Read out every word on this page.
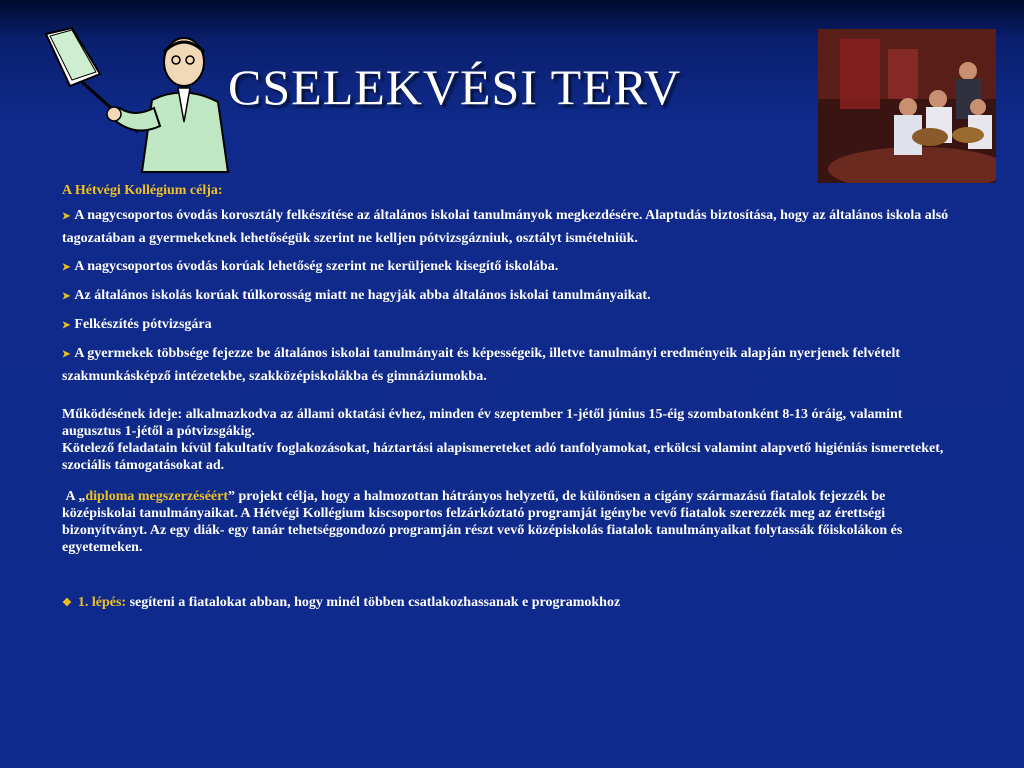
CSELEKVÉSI TERV

A Hétvégi Kollégium célja:

➤ A nagycsoportos óvodás korosztály felkészítése az általános iskolai tanulmányok megkezdésére. Alaptudás biztosítása, hogy az általános iskola alsó tagozatában a gyermekeknek lehetőségük szerint ne kelljen pótvizsgázniuk, osztályt ismételniük.

➤ A nagycsoportos óvodás korúak lehetőség szerint ne kerüljenek kisegítő iskolába.

➤ Az általános iskolás korúak túlkorosság miatt ne hagyják abba általános iskolai tanulmányaikat.

➤ Felkészítés pótvizsgára

➤ A gyermekek többsége fejezze be általános iskolai tanulmányait és képességeik, illetve tanulmányi eredményeik alapján nyerjenek felvételt szakmunkásképző intézetekbe, szakközépiskolákba és gimnáziumokba.

Működésének ideje: alkalmazkodva az állami oktatási évhez, minden év szeptember 1-jétől június 15-éig szombatonként 8-13 óráig, valamint augusztus 1-jétől a pótvizsgákig.

Kötelező feladatain kívül fakultatív foglakozásokat, háztartási alapismereteket adó tanfolyamokat, erkölcsi valamint alapvető higiéniás ismereteket, szociális támogatásokat ad.

A „diploma megszerzéséért” projekt célja, hogy a halmozottan hátrányos helyzetű, de különösen a cigány származású fiatalok fejezzék be középiskolai tanulmányaikat. A Hétvégi Kollégium kiscsoportos felzárkóztató programját igénybe vevő fiatalok szerezzék meg az érettségi bizonyítványt. Az egy diák- egy tanár tehetséggondozó programján részt vevő középiskolás fiatalok tanulmányaikat folytassák főiskolákon és egyetemeken.

❖ 1. lépés: segíteni a fiatalokat abban, hogy minél többen csatlakozhassanak e programokhoz
